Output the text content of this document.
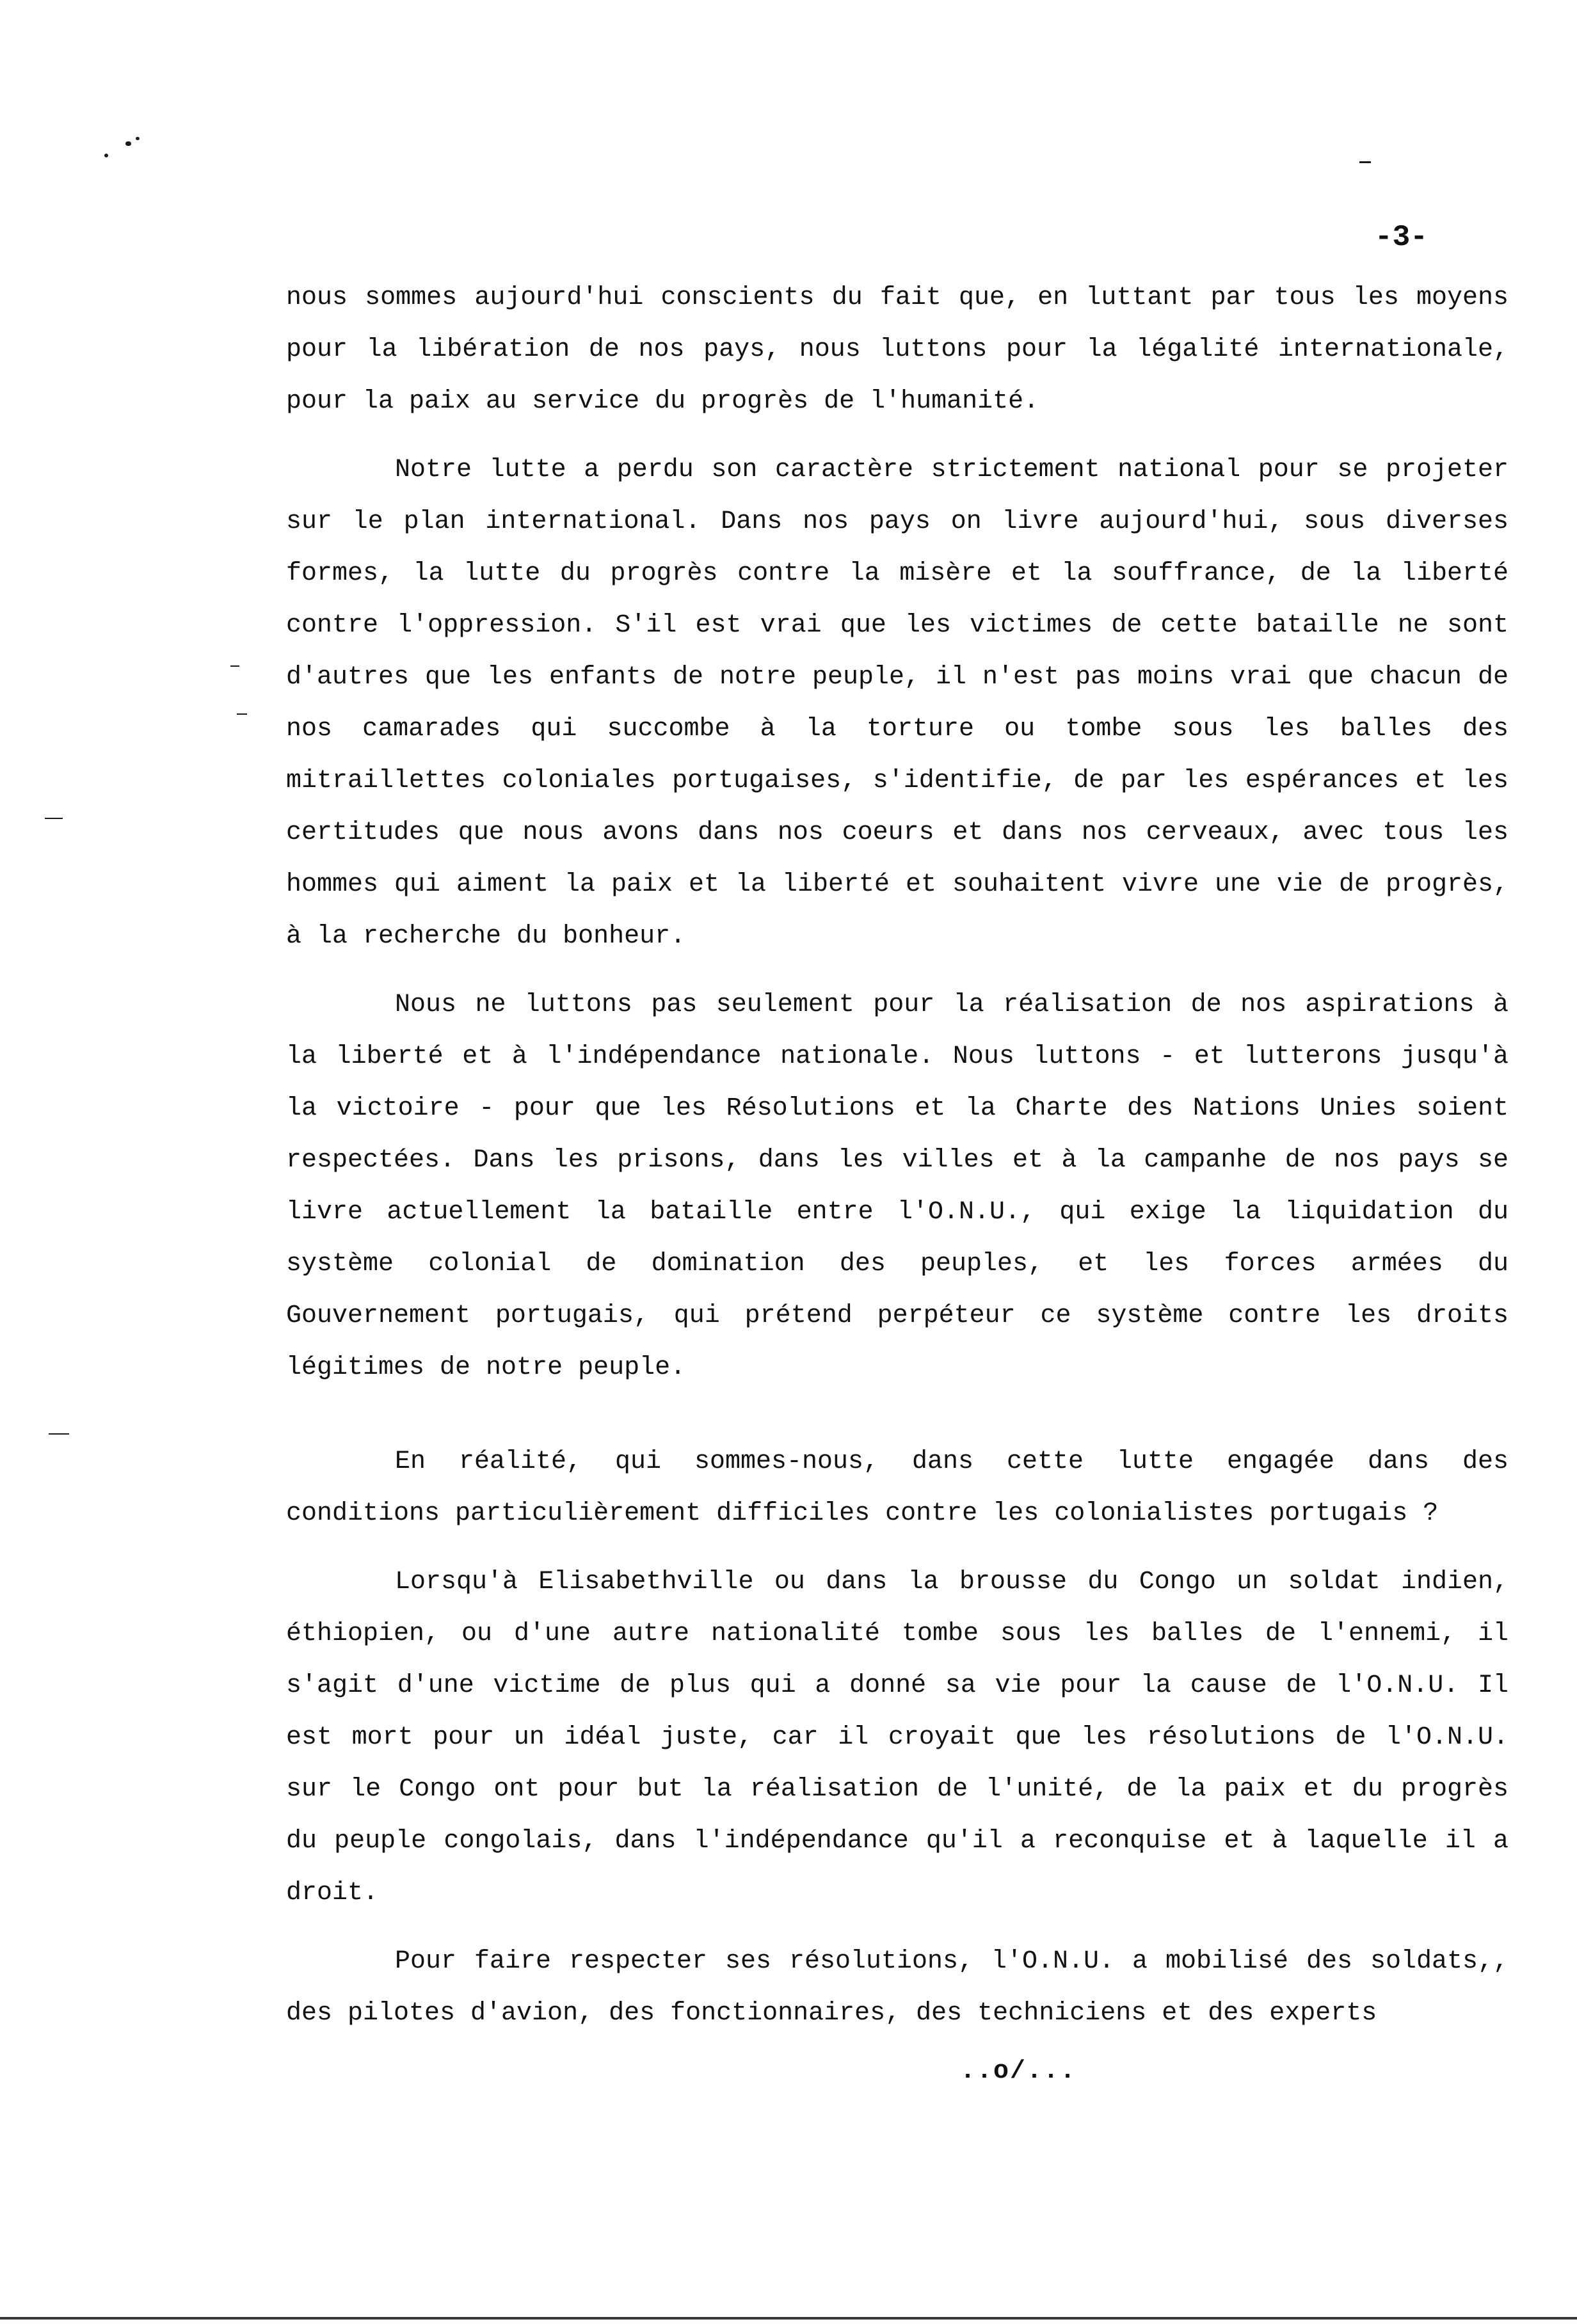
-3-

nous sommes aujourd'hui conscients du fait que, en luttant par tous les moyens pour la libération de nos pays, nous luttons pour la légalité internationale, pour la paix au service du progrès de l'humanité.

Notre lutte a perdu son caractère strictement national pour se projeter sur le plan international. Dans nos pays on livre aujourd'hui, sous diverses formes, la lutte du progrès contre la misère et la souffrance, de la liberté contre l'oppression. S'il est vrai que les victimes de cette bataille ne sont d'autres que les enfants de notre peuple, il n'est pas moins vrai que chacun de nos camarades qui succombe à la torture ou tombe sous les balles des mitraillettes coloniales portugaises, s'identifie, de par les espérances et les certitudes que nous avons dans nos coeurs et dans nos cerveaux, avec tous les hommes qui aiment la paix et la liberté et souhaitent vivre une vie de progrès, à la recherche du bonheur.

Nous ne luttons pas seulement pour la réalisation de nos aspirations à la liberté et à l'indépendance nationale. Nous luttons - et lutterons jusqu'à la victoire - pour que les Résolutions et la Charte des Nations Unies soient respectées. Dans les prisons, dans les villes et à la campanhe de nos pays se livre actuellement la bataille entre l'O.N.U., qui exige la liquidation du système colonial de domination des peuples, et les forces armées du Gouvernement portugais, qui prétend perpéteur ce système contre les droits légitimes de notre peuple.

En réalité, qui sommes-nous, dans cette lutte engagée dans des conditions particulièrement difficiles contre les colonialistes portugais ?

Lorsqu'à Elisabethville ou dans la brousse du Congo un soldat indien, éthiopien, ou d'une autre nationalité tombe sous les balles de l'ennemi, il s'agit d'une victime de plus qui a donné sa vie pour la cause de l'O.N.U. Il est mort pour un idéal juste, car il croyait que les résolutions de l'O.N.U. sur le Congo ont pour but la réalisation de l'unité, de la paix et du progrès du peuple congolais, dans l'indépendance qu'il a reconquise et à laquelle il a droit.

Pour faire respecter ses résolutions, l'O.N.U. a mobilisé des soldats,, des pilotes d'avion, des fonctionnaires, des techniciens et des experts

..o/...
